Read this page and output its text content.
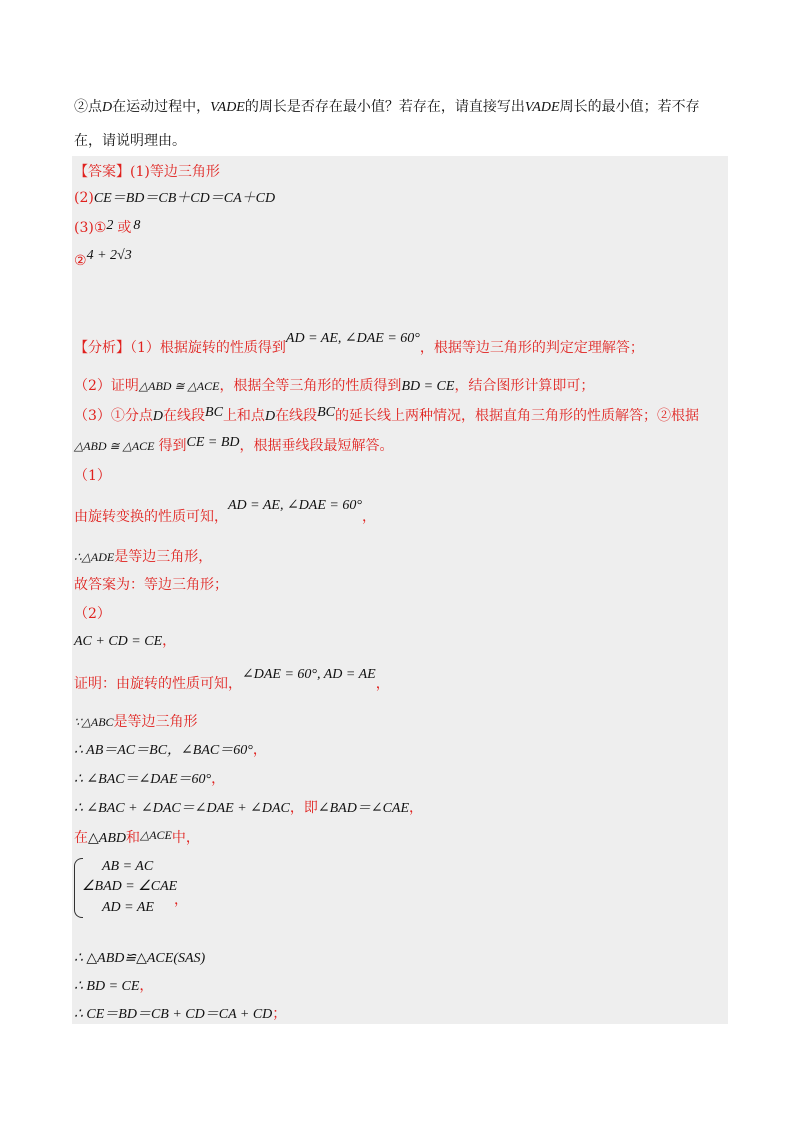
②点D在运动过程中，VADE的周长是否存在最小值？若存在，请直接写出VADE周长的最小值；若不存
在，请说明理由。
【答案】(1)等边三角形
(2)CE＝BD＝CB＋CD＝CA＋CD
(3)①2 或 8
②4 + 2√3
【分析】（1）根据旋转的性质得到AD = AE, ∠DAE = 60°，根据等边三角形的判定定理解答；
（2）证明△ABD ≅ △ACE，根据全等三角形的性质得到BD = CE，结合图形计算即可；
（3）①分点D在线段BC上和点D在线段BC的延长线上两种情况，根据直角三角形的性质解答；②根据
△ABD ≅ △ACE 得到CE = BD，根据垂线段最短解答。
（1）
由旋转变换的性质可知，AD = AE, ∠DAE = 60°，
∴△ADE是等边三角形，
故答案为：等边三角形；
（2）
AC + CD = CE，
证明：由旋转的性质可知，∠DAE = 60°, AD = AE，
∵△ABC是等边三角形
∴ AB＝AC＝BC，∠BAC＝60°，
∴ ∠BAC＝∠DAE＝60°，
∴ ∠BAC + ∠DAC＝∠DAE + ∠DAC，即∠BAD＝∠CAE，
在△ABD和△ACE中，
AB = AC
∠BAD = ∠CAE
AD = AE ，
∴ △ABD≌△ACE(SAS)
∴ BD = CE，
∴ CE＝BD＝CB + CD＝CA + CD；
